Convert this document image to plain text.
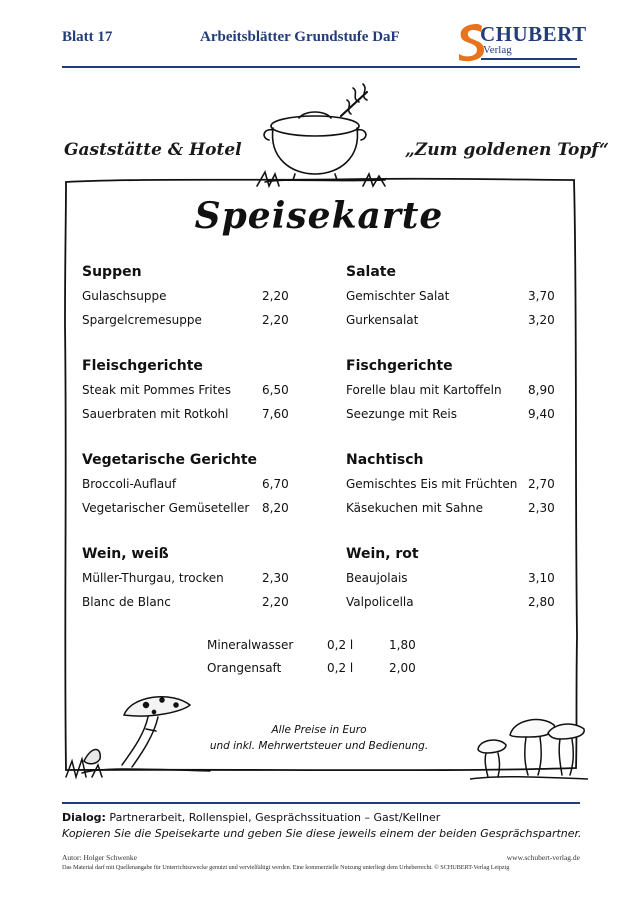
Blatt 17	Arbeitsblätter Grundstufe DaF	CHUBERT
Verlag
Gaststätte & Hotel	„Zum goldenen Topf“
Speisekarte
Suppen
Gulaschsuppe	2,20
Spargelcremesuppe	2,20
Fleischgerichte
Steak mit Pommes Frites	6,50
Sauerbraten mit Rotkohl	7,60
Vegetarische Gerichte
Broccoli-Auflauf	6,70
Vegetarischer Gemüseteller 8,20
Wein, weiß
Müller-Thurgau, trocken	2,30
Blanc de Blanc	2,20
Salate
Gemischter Salat	3,70
Gurkensalat	3,20
Fischgerichte
Forelle blau mit Kartoffeln 8,90
Seezunge mit Reis	9,40
Nachtisch
Gemischtes Eis mit Früchten 2,70
Käsekuchen mit Sahne	2,30
Wein, rot
Beaujolais	3,10
Valpolicella	2,80
Mineralwasser	0,2 l	1,80
Orangensaft	0,2 l	2,00
Alle Preise in Euro
und inkl. Mehrwertsteuer und Bedienung.
Dialog: Partnerarbeit, Rollenspiel, Gesprächssituation – Gast/Kellner
Kopieren Sie die Speisekarte und geben Sie diese jeweils einem der beiden Gesprächspartner.
Autor: Holger Schwenke	www.schubert-verlag.de
Das Material darf mit Quellenangabe für Unterrichtszwecke genutzt und vervielfältigt werden. Eine kommerzielle Nutzung unterliegt dem Urheberrecht. © SCHUBERT-Verlag Leipzig
